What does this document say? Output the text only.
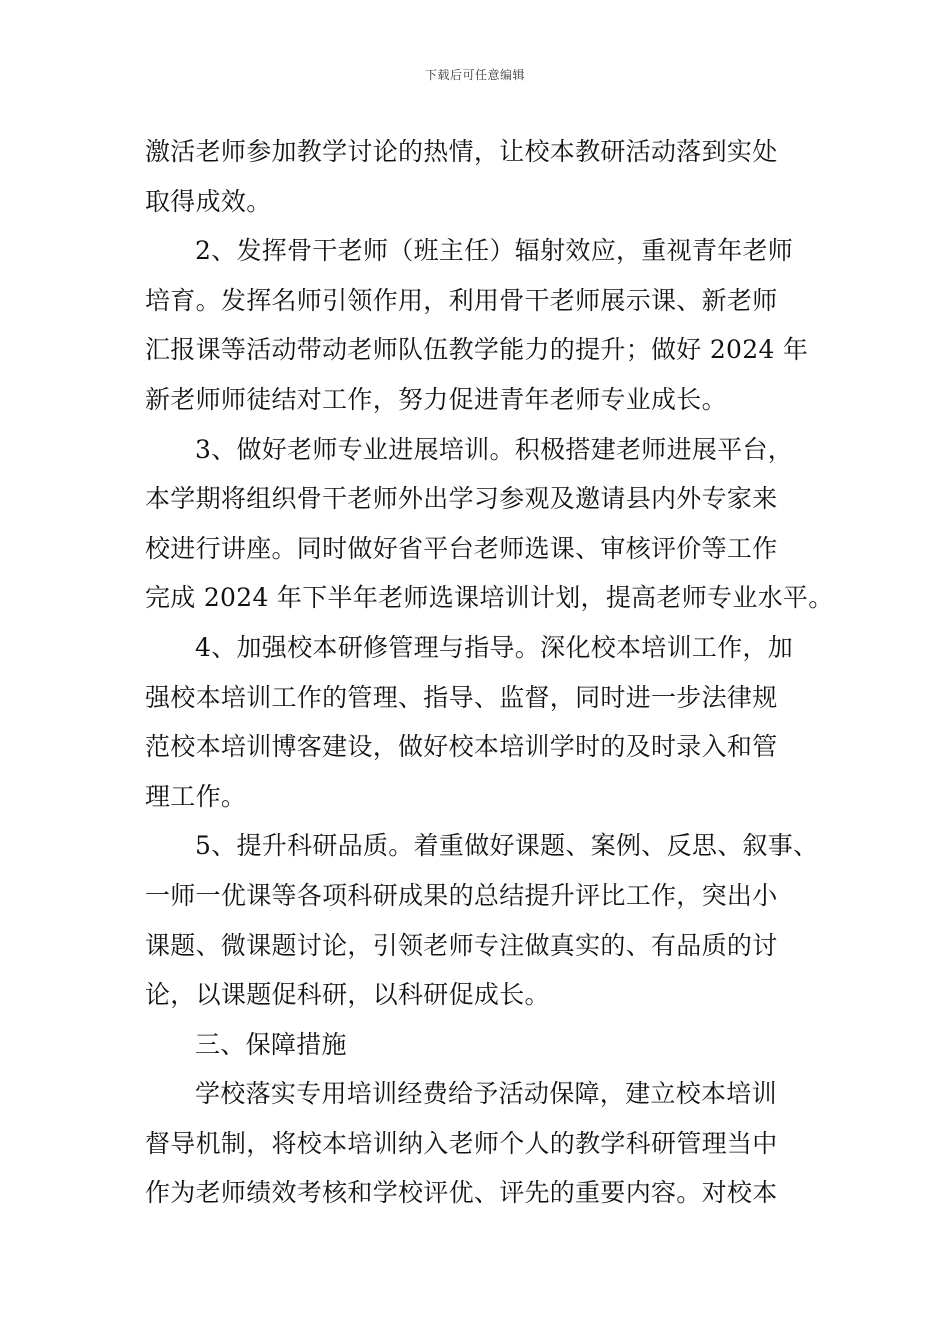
下载后可任意编辑
激活老师参加教学讨论的热情，让校本教研活动落到实处
取得成效。
2、发挥骨干老师（班主任）辐射效应，重视青年老师
培育。发挥名师引领作用，利用骨干老师展示课、新老师
汇报课等活动带动老师队伍教学能力的提升；做好 2024 年
新老师师徒结对工作，努力促进青年老师专业成长。
3、做好老师专业进展培训。积极搭建老师进展平台，
本学期将组织骨干老师外出学习参观及邀请县内外专家来
校进行讲座。同时做好省平台老师选课、审核评价等工作
完成 2024 年下半年老师选课培训计划，提高老师专业水平。
4、加强校本研修管理与指导。深化校本培训工作，加
强校本培训工作的管理、指导、监督，同时进一步法律规
范校本培训博客建设，做好校本培训学时的及时录入和管
理工作。
5、提升科研品质。着重做好课题、案例、反思、叙事、
一师一优课等各项科研成果的总结提升评比工作，突出小
课题、微课题讨论，引领老师专注做真实的、有品质的讨
论，以课题促科研，以科研促成长。
三、保障措施
学校落实专用培训经费给予活动保障，建立校本培训
督导机制，将校本培训纳入老师个人的教学科研管理当中
作为老师绩效考核和学校评优、评先的重要内容。对校本
